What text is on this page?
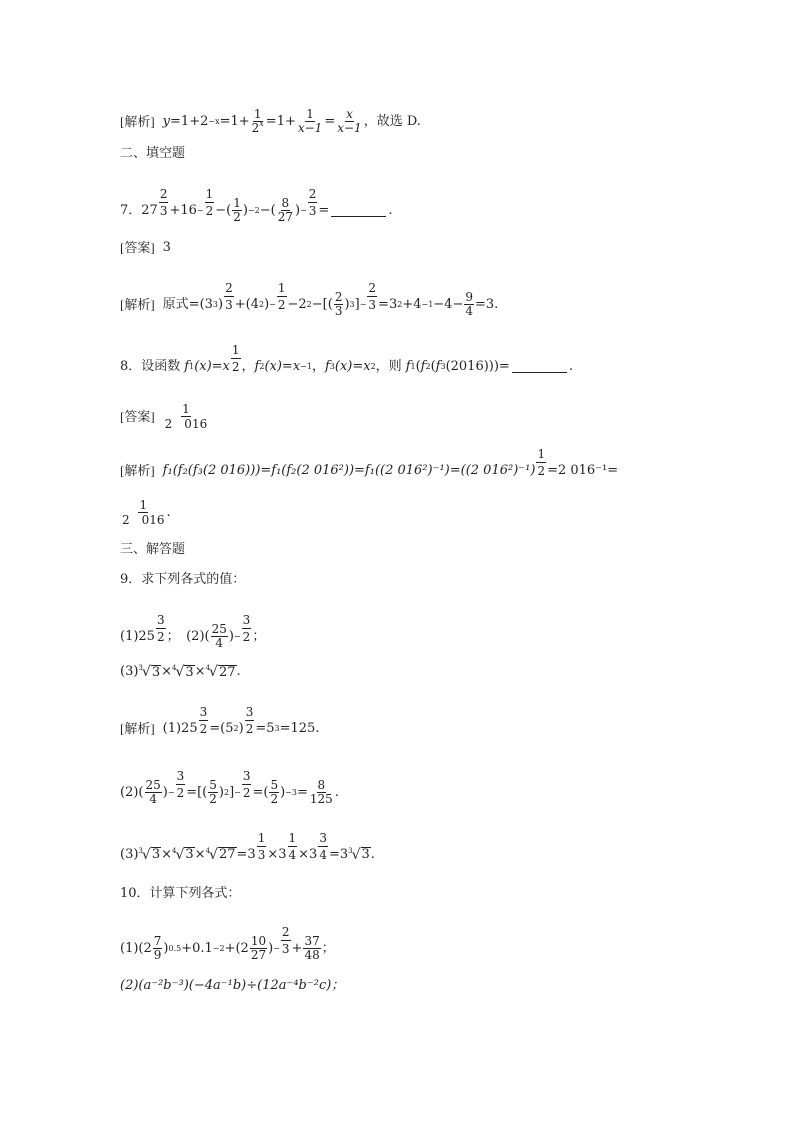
[解析] $y =1+2 -x =1+ \frac{1}{2^x} =1+ \frac{1}{x-1} = \frac{x}{x-1}$ ，故选 D.
二、填空题
7．27
2
$3 +16 - \frac{1}{2}$ −( $\frac{1}{2}$ ) −2 −( $\frac{8}{27}$ ) − $\frac{2}{3}$ =	.
[答案] 3
[解析] 原式=(3 3 )
2
3 +(4 2 ) − $\frac{1}{2} -2$ 2 −[( $\frac{2}{3}$ ) 3 ] − $\frac{2}{3} =3$ $2 +4 -1 -4- \frac{9}{4} =3$.
8．设函数 f 1 (x)=x
1
2 ， f 2 (x)=x −1 ， f 3 (x)=x 2 ，则 f 1 ( f 2 ( f 3 (2016)))=	.
[答案] $\frac{1}{2 016}$
[解析] f₁(f₂(f₃(2 016)))=f₁(f₂(2 016²))=f₁((2 016²)⁻¹)=((2 $016^2)^{-1}) \frac{1}{2} =2$ 016⁻¹=
$\frac{1}{2 016}$ .
三、解答题
9．求下列各式的值：
(1)25
3
2 ；　$(2)( \frac{25}{4}$ ) − $\frac{3}{2}$ ；
(3) 3 √ 3 × 4 √ 3 × 4 √ 27 .
[解析] $(1)25 \frac{3}{2} =(5$ 2 ) $\frac{3}{2} =5$ 3 =125.
$(2)( \frac{25}{4}$ ) − $\frac{3}{2}$ =[( $\frac{5}{2}$ ) 2 ] − $\frac{3}{2}$ =( $\frac{5}{2}$ ) $-3 = \frac{8}{125}$ .
(3) 3 √ 3 × 4 √ 3 × 4 √ $27 =3 \frac{1}{3} \times 3 \frac{1}{4} \times 3 \frac{3}{4} =3$ 3 √ 3 .
10．计算下列各式：
$(1)(2 \frac{7}{9}$ ) $0.5 +0.1 -2 +(2 \frac{10}{27}$ ) − $\frac{2}{3} + \frac{37}{48}$ ；
(2)(a⁻²b⁻³)(−4a⁻¹b)÷(12a⁻⁴b⁻²c)；
